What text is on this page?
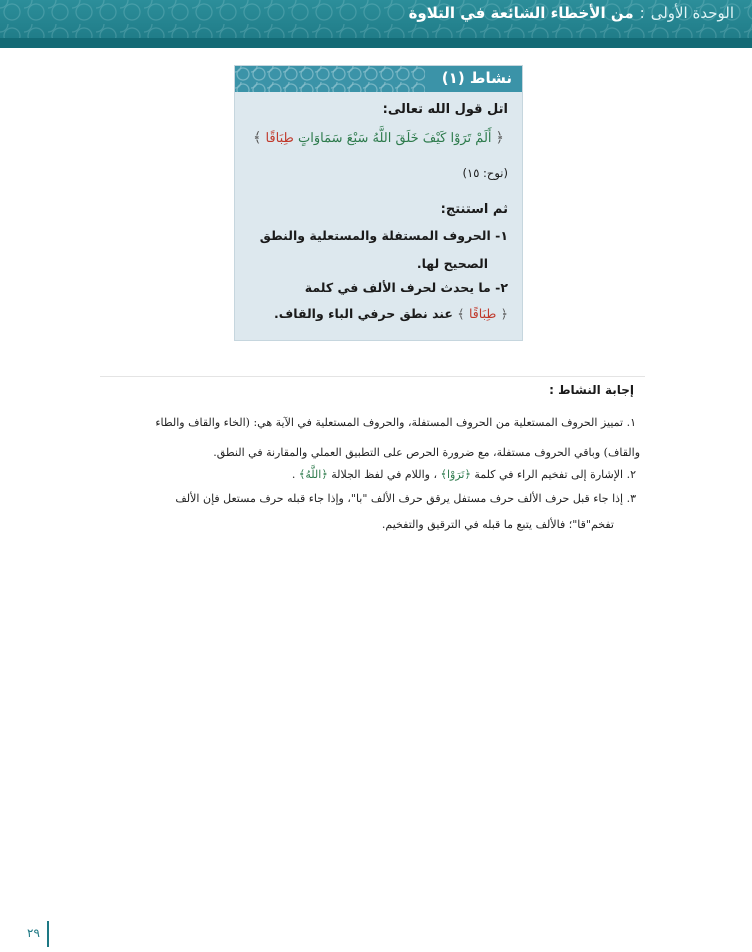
الوحدة الأولى
:
من الأخطاء الشائعة في التلاوة
نشاط (١)
اتل قول الله تعالى:
﴿ أَلَمْ تَرَوْا كَيْفَ خَلَقَ اللَّهُ سَبْعَ سَمَاوَاتٍ طِبَاقًا ﴾
(نوح: ١٥)
ثم استنتج:
١- الحروف المستفلة والمستعلية والنطق
الصحيح لها.
٢- ما يحدث لحرف الألف في كلمة
﴿ طِبَاقًا ﴾ عند نطق حرفي الباء والقاف.
إجابة النشاط :
١. تمييز الحروف المستعلية من الحروف المستفلة، والحروف المستعلية في الآية هي: (الخاء والقاف والطاء
والقاف) وباقي الحروف مستفلة، مع ضرورة الحرص على التطبيق العملي والمقارنة في النطق.
٢. الإشارة إلى تفخيم الراء في كلمة ﴿تَرَوْا﴾ ، واللام في لفظ الجلالة ﴿اللَّهُ﴾ .
٣. إذا جاء قبل حرف الألف حرف مستفل يرقق حرف الألف "با"، وإذا جاء قبله حرف مستعل فإن الألف
تفخم"قا"؛ فالألف يتبع ما قبله في الترقيق والتفخيم.
٢٩
